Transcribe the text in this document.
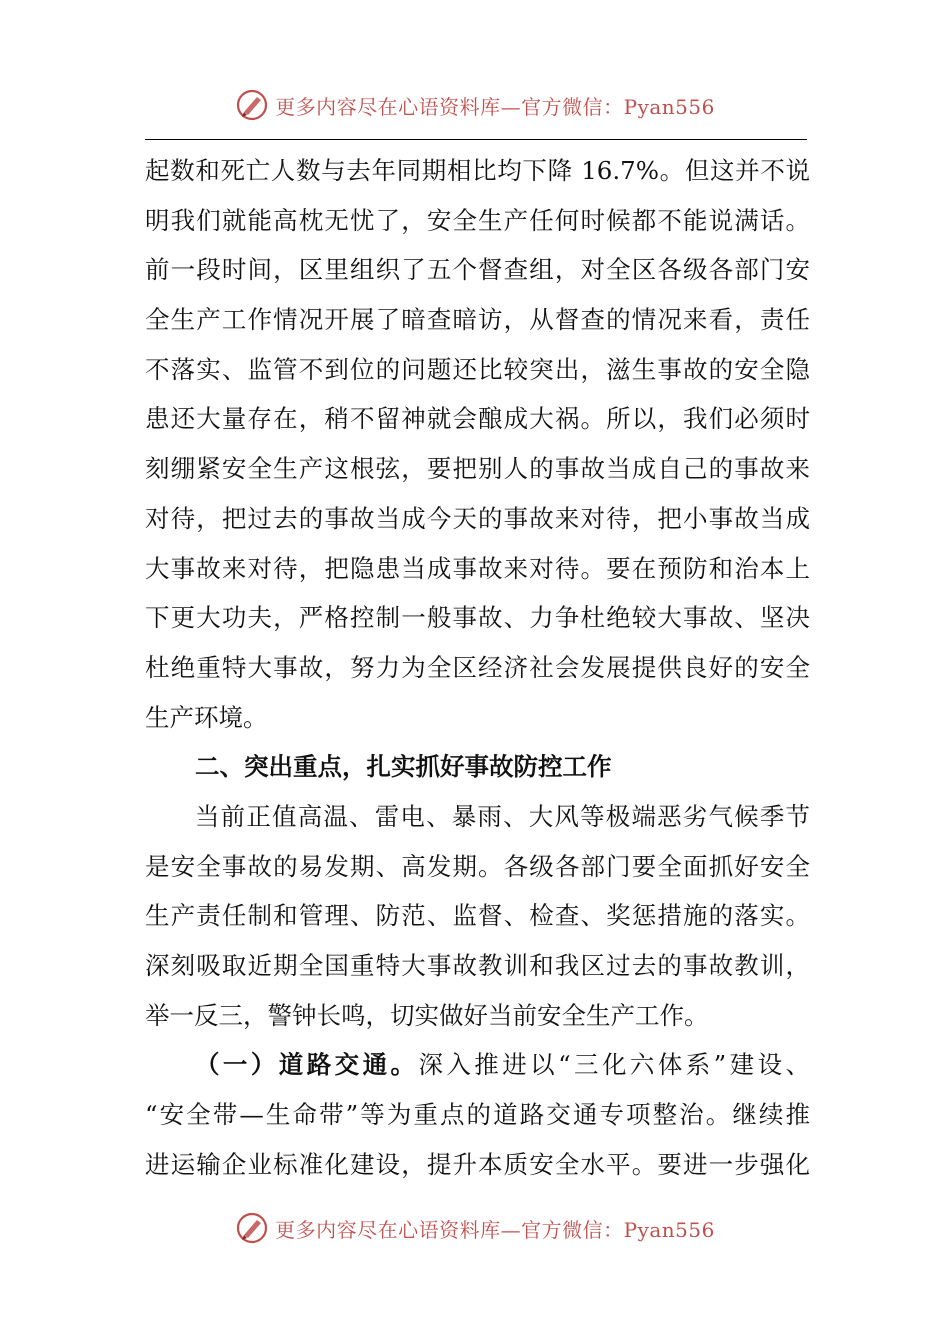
更多内容尽在心语资料库—官方微信：Pyan556
起数和死亡人数与去年同期相比均下降 16.7%。但这并不说
明我们就能高枕无忧了，安全生产任何时候都不能说满话。
前一段时间，区里组织了五个督查组，对全区各级各部门安
全生产工作情况开展了暗查暗访，从督查的情况来看，责任
不落实、监管不到位的问题还比较突出，滋生事故的安全隐
患还大量存在，稍不留神就会酿成大祸。所以，我们必须时
刻绷紧安全生产这根弦，要把别人的事故当成自己的事故来
对待，把过去的事故当成今天的事故来对待，把小事故当成
大事故来对待，把隐患当成事故来对待。要在预防和治本上
下更大功夫，严格控制一般事故、力争杜绝较大事故、坚决
杜绝重特大事故，努力为全区经济社会发展提供良好的安全
生产环境。
二、突出重点，扎实抓好事故防控工作
当前正值高温、雷电、暴雨、大风等极端恶劣气候季节
是安全事故的易发期、高发期。各级各部门要全面抓好安全
生产责任制和管理、防范、监督、检查、奖惩措施的落实。
深刻吸取近期全国重特大事故教训和我区过去的事故教训，
举一反三，警钟长鸣，切实做好当前安全生产工作。
（一）道路交通。深入推进以“三化六体系”建设、
“安全带—生命带”等为重点的道路交通专项整治。继续推
进运输企业标准化建设，提升本质安全水平。要进一步强化
更多内容尽在心语资料库—官方微信：Pyan556
